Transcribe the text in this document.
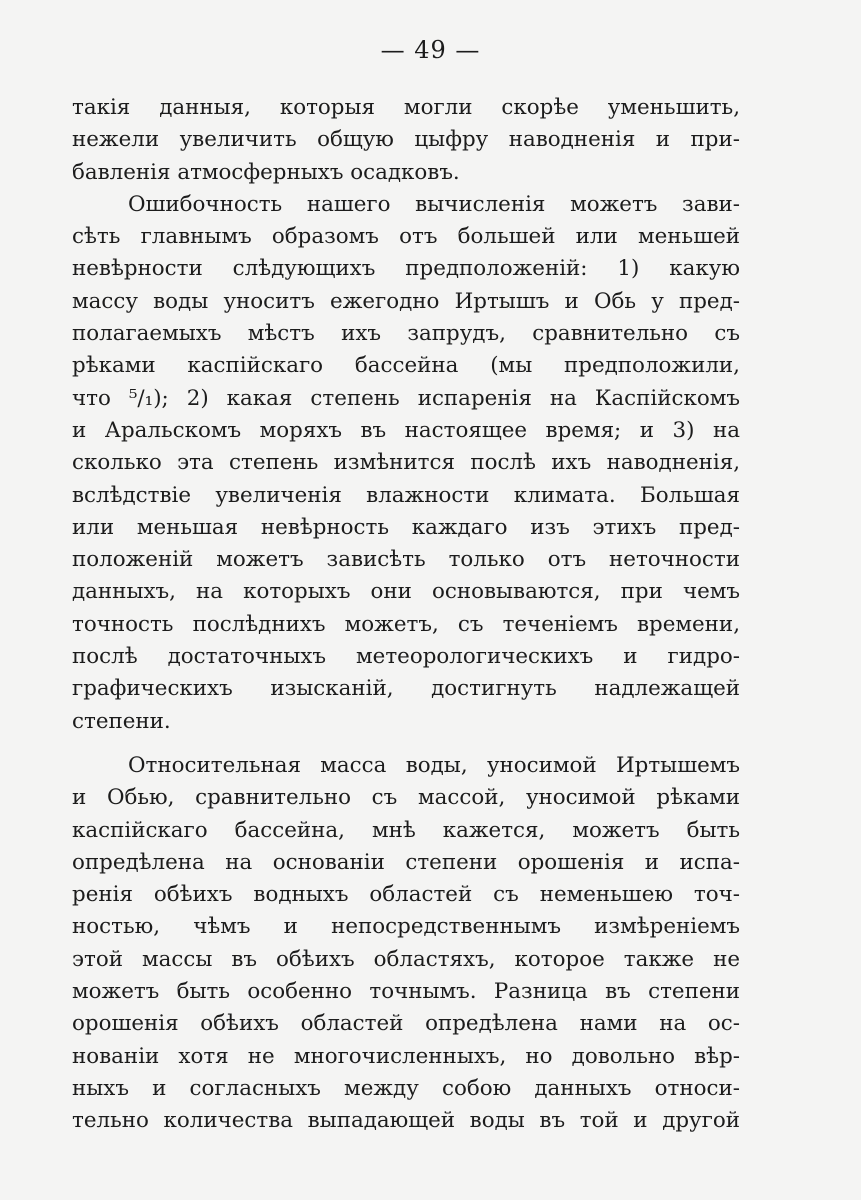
— 49 —
такія данныя, которыя могли скорѣе уменьшить,
нежели увеличить общую цыфру наводненія и при-
бавленія атмосферныхъ осадковъ.
Ошибочность нашего вычисленія можетъ зави-
сѣть главнымъ образомъ отъ большей или меньшей
невѣрности слѣдующихъ предположеній: 1) какую
массу воды уноситъ ежегодно Иртышъ и Обь у пред-
полагаемыхъ мѣстъ ихъ запрудъ, сравнительно съ
рѣками каспійскаго бассейна (мы предположили,
что ⁵/₁); 2) какая степень испаренія на Каспійскомъ
и Аральскомъ моряхъ въ настоящее время; и 3) на
сколько эта степень измѣнится послѣ ихъ наводненія,
вслѣдствіе увеличенія влажности климата. Большая
или меньшая невѣрность каждаго изъ этихъ пред-
положеній можетъ зависѣть только отъ неточности
данныхъ, на которыхъ они основываются, при чемъ
точность послѣднихъ можетъ, съ теченіемъ времени,
послѣ достаточныхъ метеорологическихъ и гидро-
графическихъ изысканій, достигнуть надлежащей
степени.
Относительная масса воды, уносимой Иртышемъ
и Обью, сравнительно съ массой, уносимой рѣками
каспійскаго бассейна, мнѣ кажется, можетъ быть
опредѣлена на основаніи степени орошенія и испа-
ренія обѣихъ водныхъ областей съ неменьшею точ-
ностью, чѣмъ и непосредственнымъ измѣреніемъ
этой массы въ обѣихъ областяхъ, которое также не
можетъ быть особенно точнымъ. Разница въ степени
орошенія обѣихъ областей опредѣлена нами на ос-
нованіи хотя не многочисленныхъ, но довольно вѣр-
ныхъ и согласныхъ между собою данныхъ относи-
тельно количества выпадающей воды въ той и другой
